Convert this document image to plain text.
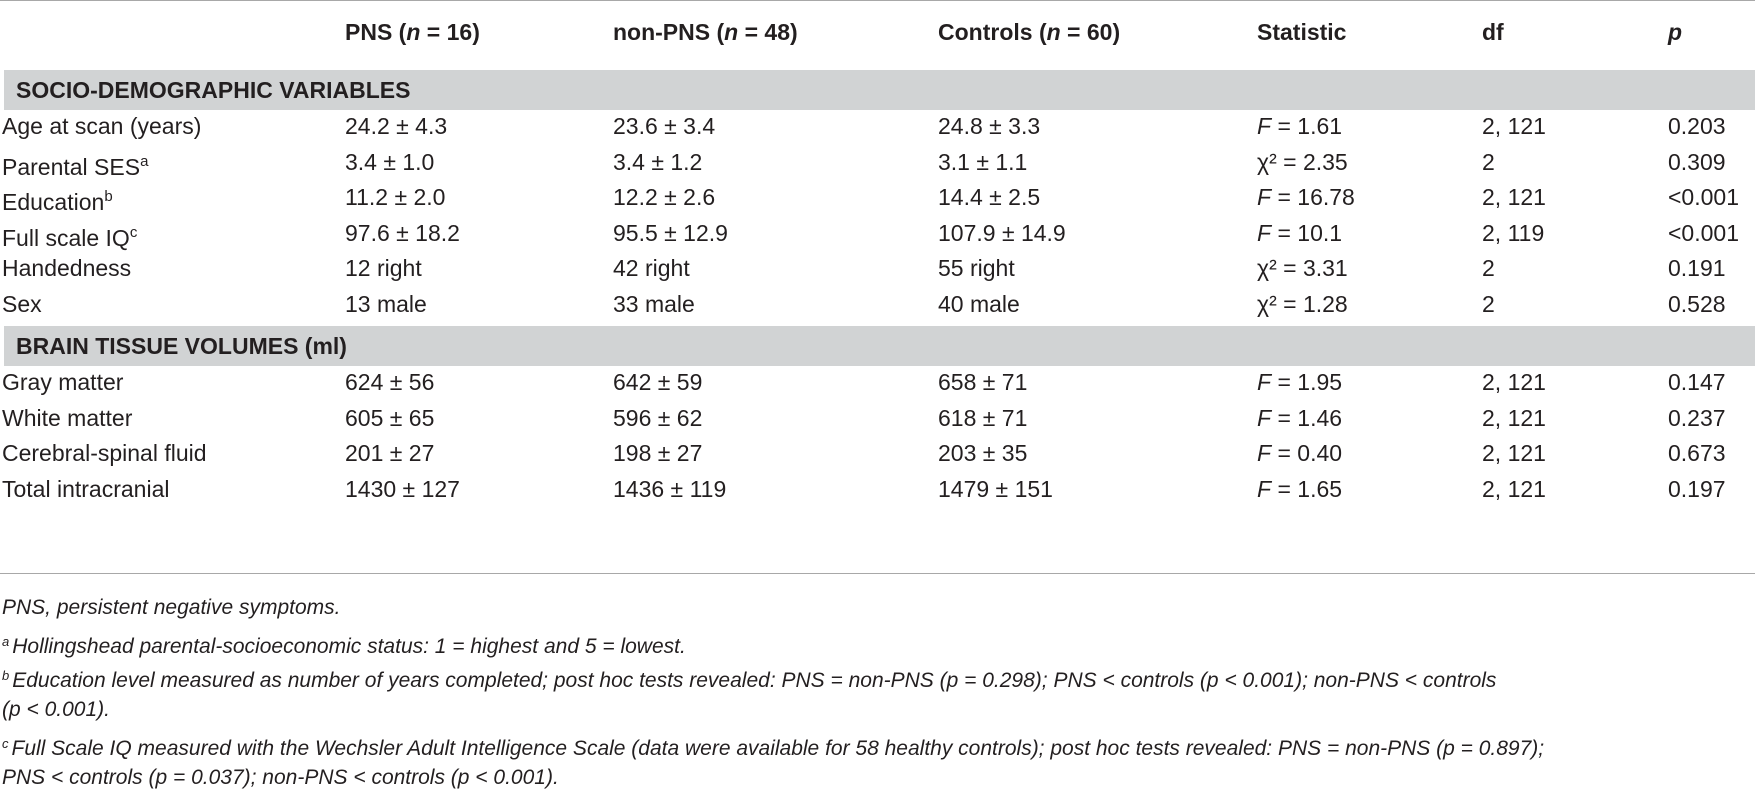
PNS (n = 16)	non-PNS (n = 48)	Controls (n = 60)	Statistic	df	p
SOCIO-DEMOGRAPHIC VARIABLES
Age at scan (years)	24.2 ± 4.3	23.6 ± 3.4	24.8 ± 3.3	F = 1.61	2, 121	0.203
Parental SES$^a$	3.4 ± 1.0	3.4 ± 1.2	3.1 ± 1.1	χ² = 2.35	2	0.309
Education$^b$	11.2 ± 2.0	12.2 ± 2.6	14.4 ± 2.5	F = 16.78	2, 121	<0.001
Full scale $IQ^c$	97.6 ± 18.2	95.5 ± 12.9	107.9 ± 14.9	F = 10.1	2, 119	<0.001
Handedness	12 right	42 right	55 right	χ² = 3.31	2	0.191
Sex	13 male	33 male	40 male	χ² = 1.28	2	0.528
BRAIN TISSUE VOLUMES (ml)
Gray matter	624 ± 56	642 ± 59	658 ± 71	F = 1.95	2, 121	0.147
White matter	605 ± 65	596 ± 62	618 ± 71	F = 1.46	2, 121	0.237
Cerebral-spinal fluid	201 ± 27	198 ± 27	203 ± 35	F = 0.40	2, 121	0.673
Total intracranial	1430 ± 127	1436 ± 119	1479 ± 151	F = 1.65	2, 121	0.197
PNS, persistent negative symptoms.
$^a$ Hollingshead parental-socioeconomic status: 1 = highest and 5 = lowest.
$^b$ Education level measured as number of years completed; post hoc tests revealed: PNS = non-PNS (p = 0.298); PNS < controls (p < 0.001); non-PNS < controls
(p < 0.001).
$^c$ Full Scale IQ measured with the Wechsler Adult Intelligence Scale (data were available for 58 healthy controls); post hoc tests revealed: PNS = non-PNS (p = 0.897);
PNS < controls (p = 0.037); non-PNS < controls (p < 0.001).
